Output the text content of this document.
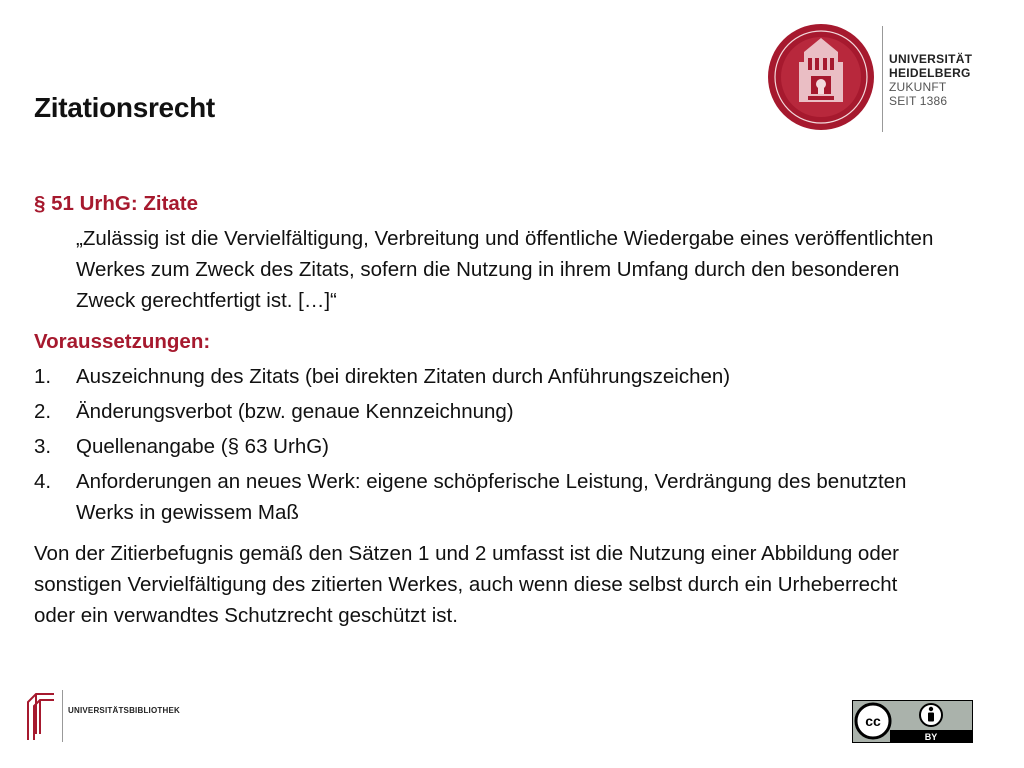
Zitationsrecht
UNIVERSITÄT
HEIDELBERG
ZUKUNFT
SEIT 1386
§ 51 UrhG: Zitate
„Zulässig ist die Vervielfältigung, Verbreitung und öffentliche Wiedergabe eines veröffentlichten Werkes zum Zweck des Zitats, sofern die Nutzung in ihrem Umfang durch den besonderen Zweck gerechtfertigt ist. […]“
Voraussetzungen:
1.	Auszeichnung des Zitats (bei direkten Zitaten durch Anführungszeichen)
2.	Änderungsverbot (bzw. genaue Kennzeichnung)
3.	Quellenangabe (§ 63 UrhG)
4.	Anforderungen an neues Werk: eigene schöpferische Leistung, Verdrängung des benutzten Werks in gewissem Maß
Von der Zitierbefugnis gemäß den Sätzen 1 und 2 umfasst ist die Nutzung einer Abbildung oder sonstigen Vervielfältigung des zitierten Werkes, auch wenn diese selbst durch ein Urheberrecht oder ein verwandtes Schutzrecht geschützt ist.
UNIVERSITÄTSBIBLIOTHEK
cc
BY
